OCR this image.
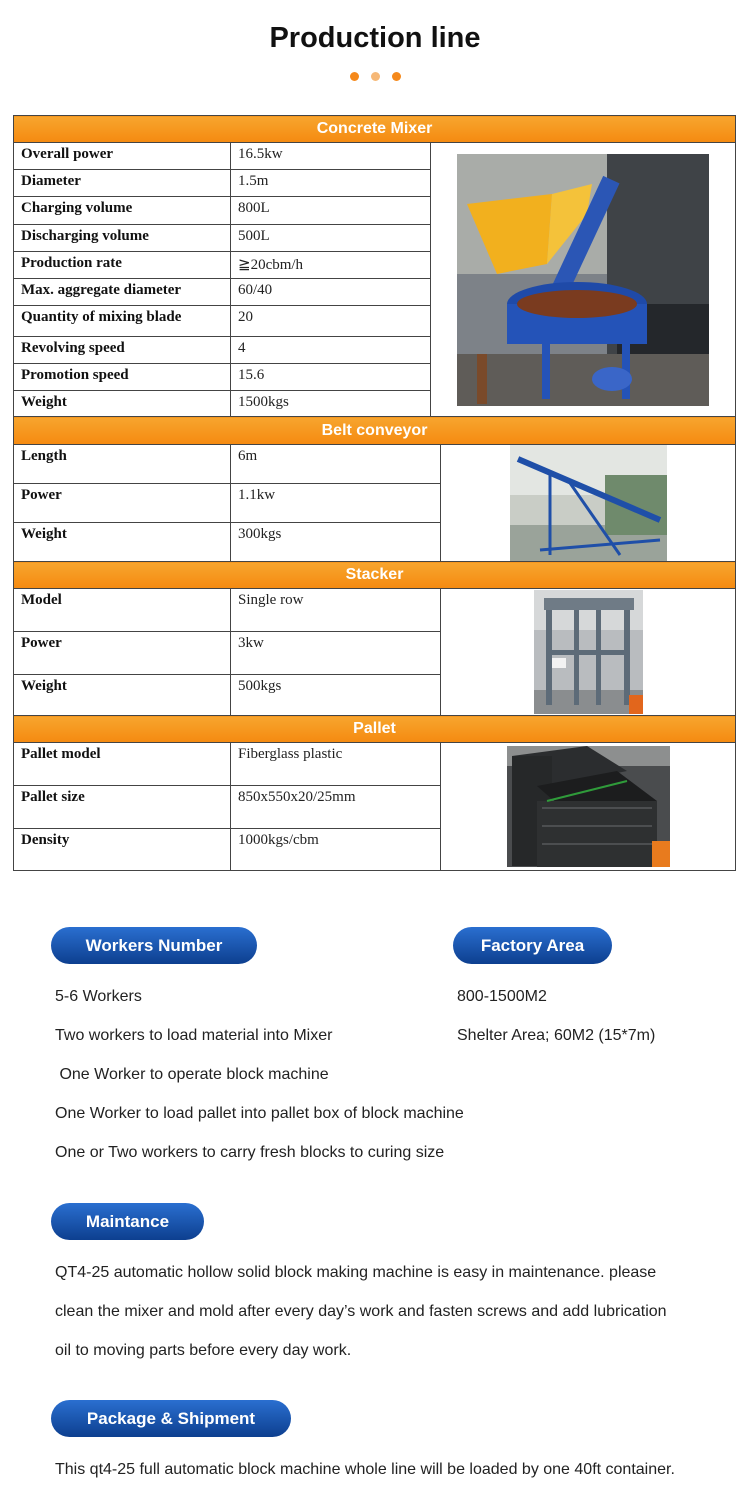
Production line
Concrete Mixer			
Overall power	16.5kw	

Diameter	1.5m		
Charging volume	800L		
Discharging volume	500L		
Production rate	≧20cbm/h		
Max. aggregate diameter	60/40		
Quantity of mixing blade	20		
Revolving speed	4		
Promotion speed	15.6		
Weight	1500kgs		
Belt conveyor			
Length	6m	

Power	1.1kw		
Weight	300kgs		
Stacker			
Model	Single row	

Power	3kw		
Weight	500kgs		
Pallet			
Pallet model	Fiberglass plastic	

Pallet size	850x550x20/25mm		
Density	1000kgs/cbm		
Workers Number	Factory Area

5-6 Workers

Two workers to load material into Mixer

One Worker to operate block machine

One Worker to load pallet into pallet box of block machine

One or Two workers to carry fresh blocks to curing size

800-1500M2

Shelter Area; 60M2 (15*7m)

Maintance

QT4-25 automatic hollow solid block making machine is easy in maintenance. please

clean the mixer and mold after every day’s work and fasten screws and add lubrication

oil to moving parts before every day work.

Package & Shipment

This qt4-25 full automatic block machine whole line will be loaded by one 40ft container.
